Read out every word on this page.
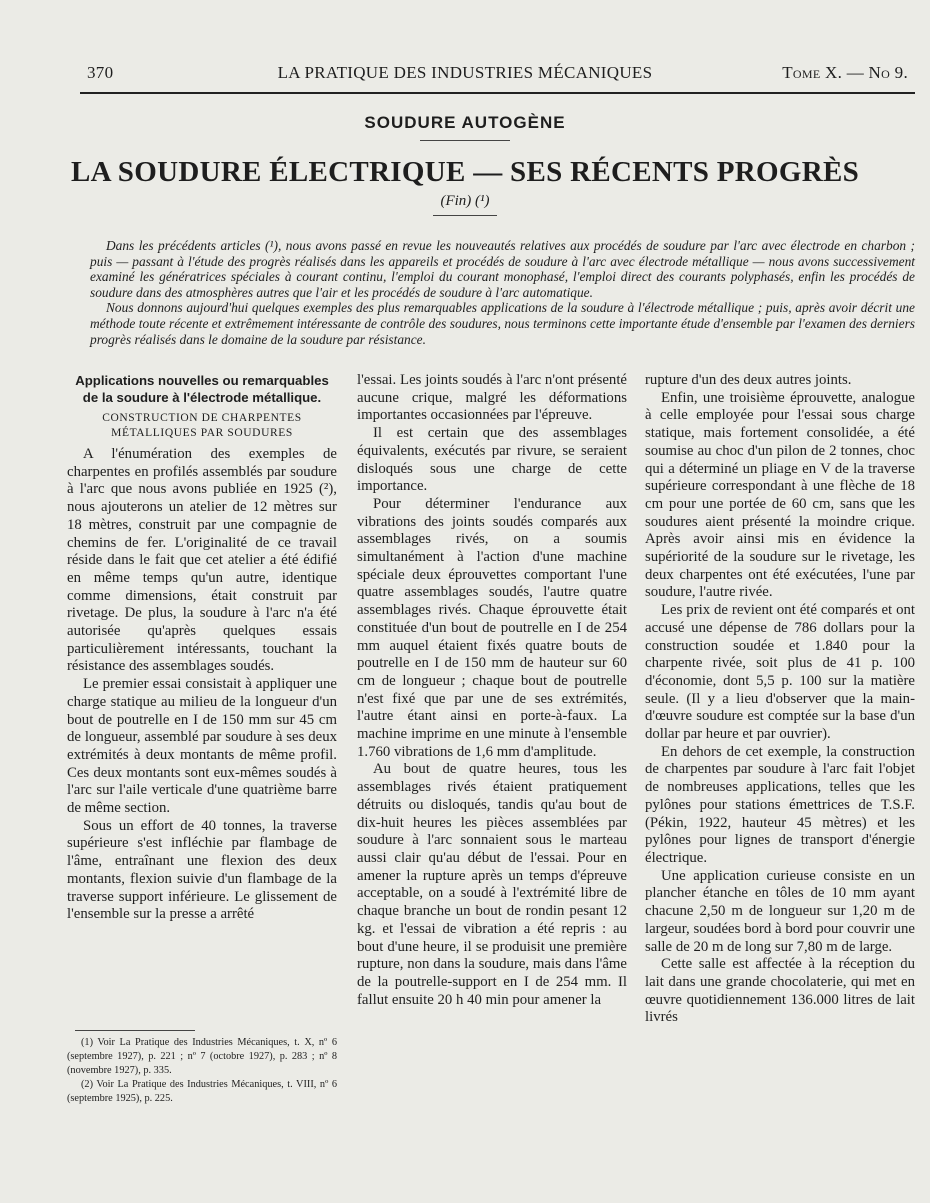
370	LA PRATIQUE DES INDUSTRIES MÉCANIQUES	Tome X. — No 9.
SOUDURE AUTOGÈNE
LA SOUDURE ÉLECTRIQUE — SES RÉCENTS PROGRÈS
(Fin) (¹)

Dans les précédents articles (¹), nous avons passé en revue les nouveautés relatives aux procédés de soudure par l'arc avec électrode en charbon ; puis — passant à l'étude des progrès réalisés dans les appareils et procédés de soudure à l'arc avec électrode métallique — nous avons successivement examiné les génératrices spéciales à courant continu, l'emploi du courant monophasé, l'emploi direct des courants polyphasés, enfin les procédés de soudure dans des atmosphères autres que l'air et les procédés de soudure à l'arc automatique.

Nous donnons aujourd'hui quelques exemples des plus remarquables applications de la soudure à l'électrode métallique ; puis, après avoir décrit une méthode toute récente et extrêmement intéressante de contrôle des soudures, nous terminons cette importante étude d'ensemble par l'examen des derniers progrès réalisés dans le domaine de la soudure par résistance.

Applications nouvelles ou remarquables de la soudure à l'électrode métallique.
CONSTRUCTION DE CHARPENTES MÉTALLIQUES PAR SOUDURES

A l'énumération des exemples de charpentes en profilés assemblés par soudure à l'arc que nous avons publiée en 1925 (²), nous ajouterons un atelier de 12 mètres sur 18 mètres, construit par une compagnie de chemins de fer. L'originalité de ce travail réside dans le fait que cet atelier a été édifié en même temps qu'un autre, identique comme dimensions, était construit par rivetage. De plus, la soudure à l'arc n'a été autorisée qu'après quelques essais particulièrement intéressants, touchant la résistance des assemblages soudés.

Le premier essai consistait à appliquer une charge statique au milieu de la longueur d'un bout de poutrelle en I de 150 mm sur 45 cm de longueur, assemblé par soudure à ses deux extrémités à deux montants de même profil. Ces deux montants sont eux-mêmes soudés à l'arc sur l'aile verticale d'une quatrième barre de même section.

Sous un effort de 40 tonnes, la traverse supérieure s'est infléchie par flambage de l'âme, entraînant une flexion des deux montants, flexion suivie d'un flambage de la traverse support inférieure. Le glissement de l'ensemble sur la presse a arrêté

(1) Voir La Pratique des Industries Mécaniques, t. X, nº 6 (septembre 1927), p. 221 ; nº 7 (octobre 1927), p. 283 ; nº 8 (novembre 1927), p. 335.

(2) Voir La Pratique des Industries Mécaniques, t. VIII, nº 6 (septembre 1925), p. 225.

l'essai. Les joints soudés à l'arc n'ont présenté aucune crique, malgré les déformations importantes occasionnées par l'épreuve.

Il est certain que des assemblages équivalents, exécutés par rivure, se seraient disloqués sous une charge de cette importance.

Pour déterminer l'endurance aux vibrations des joints soudés comparés aux assemblages rivés, on a soumis simultanément à l'action d'une machine spéciale deux éprouvettes comportant l'une quatre assemblages soudés, l'autre quatre assemblages rivés. Chaque éprouvette était constituée d'un bout de poutrelle en I de 254 mm auquel étaient fixés quatre bouts de poutrelle en I de 150 mm de hauteur sur 60 cm de longueur ; chaque bout de poutrelle n'est fixé que par une de ses extrémités, l'autre étant ainsi en porte-à-faux. La machine imprime en une minute à l'ensemble 1.760 vibrations de 1,6 mm d'amplitude.

Au bout de quatre heures, tous les assemblages rivés étaient pratiquement détruits ou disloqués, tandis qu'au bout de dix-huit heures les pièces assemblées par soudure à l'arc sonnaient sous le marteau aussi clair qu'au début de l'essai. Pour en amener la rupture après un temps d'épreuve acceptable, on a soudé à l'extrémité libre de chaque branche un bout de rondin pesant 12 kg. et l'essai de vibration a été repris : au bout d'une heure, il se produisit une première rupture, non dans la soudure, mais dans l'âme de la poutrelle-support en I de 254 mm. Il fallut ensuite 20 h 40 min pour amener la

rupture d'un des deux autres joints.

Enfin, une troisième éprouvette, analogue à celle employée pour l'essai sous charge statique, mais fortement consolidée, a été soumise au choc d'un pilon de 2 tonnes, choc qui a déterminé un pliage en V de la traverse supérieure correspondant à une flèche de 18 cm pour une portée de 60 cm, sans que les soudures aient présenté la moindre crique. Après avoir ainsi mis en évidence la supériorité de la soudure sur le rivetage, les deux charpentes ont été exécutées, l'une par soudure, l'autre rivée.

Les prix de revient ont été comparés et ont accusé une dépense de 786 dollars pour la construction soudée et 1.840 pour la charpente rivée, soit plus de 41 p. 100 d'économie, dont 5,5 p. 100 sur la matière seule. (Il y a lieu d'observer que la main-d'œuvre soudure est comptée sur la base d'un dollar par heure et par ouvrier).

En dehors de cet exemple, la construction de charpentes par soudure à l'arc fait l'objet de nombreuses applications, telles que les pylônes pour stations émettrices de T.S.F. (Pékin, 1922, hauteur 45 mètres) et les pylônes pour lignes de transport d'énergie électrique.

Une application curieuse consiste en un plancher étanche en tôles de 10 mm ayant chacune 2,50 m de longueur sur 1,20 m de largeur, soudées bord à bord pour couvrir une salle de 20 m de long sur 7,80 m de large.

Cette salle est affectée à la réception du lait dans une grande chocolaterie, qui met en œuvre quotidiennement 136.000 litres de lait livrés
